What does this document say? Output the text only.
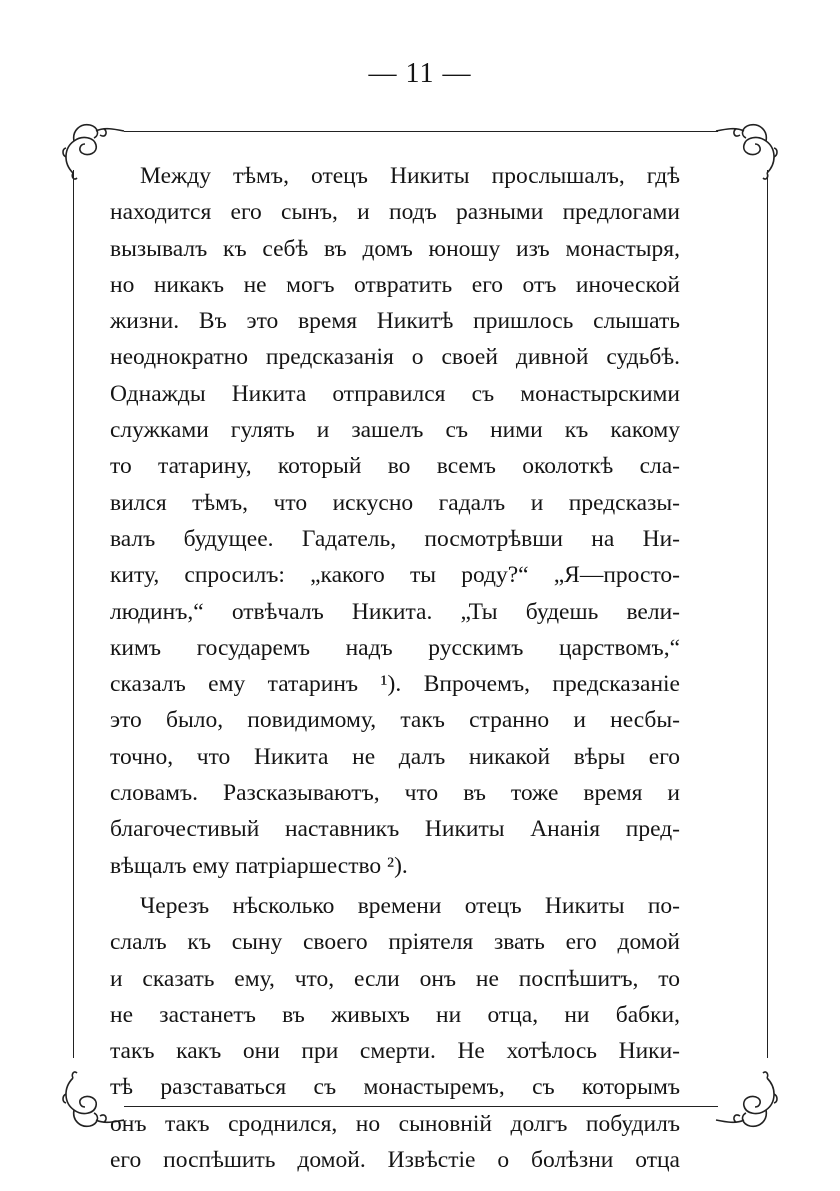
— 11 —
Между тѣмъ, отецъ Никиты прослышалъ, гдѣ
находится его сынъ, и подъ разными предлогами
вызывалъ къ себѣ въ домъ юношу изъ монастыря,
но никакъ не могъ отвратить его отъ иноческой
жизни. Въ это время Никитѣ пришлось слышать
неоднократно предсказанія о своей дивной судьбѣ.
Однажды Никита отправился съ монастырскими
служками гулять и зашелъ съ ними къ какому
то татарину, который во всемъ околоткѣ сла-
вился тѣмъ, что искусно гадалъ и предсказы-
валъ будущее. Гадатель, посмотрѣвши на Ни-
киту, спросилъ: „какого ты роду?“ „Я—просто-
людинъ,“ отвѣчалъ Никита. „Ты будешь вели-
кимъ государемъ надъ русскимъ царствомъ,“
сказалъ ему татаринъ ¹). Впрочемъ, предсказаніе
это было, повидимому, такъ странно и несбы-
точно, что Никита не далъ никакой вѣры его
словамъ. Разсказываютъ, что въ тоже время и
благочестивый наставникъ Никиты Ананія пред-
вѣщалъ ему патріаршество ²).
Черезъ нѣсколько времени отецъ Никиты по-
слалъ къ сыну своего пріятеля звать его домой
и сказать ему, что, если онъ не поспѣшитъ, то
не застанетъ въ живыхъ ни отца, ни бабки,
такъ какъ они при смерти. Не хотѣлось Ники-
тѣ разставаться съ монастыремъ, съ которымъ
онъ такъ сроднился, но сыновній долгъ побудилъ
его поспѣшить домой. Извѣстіе о болѣзни отца
